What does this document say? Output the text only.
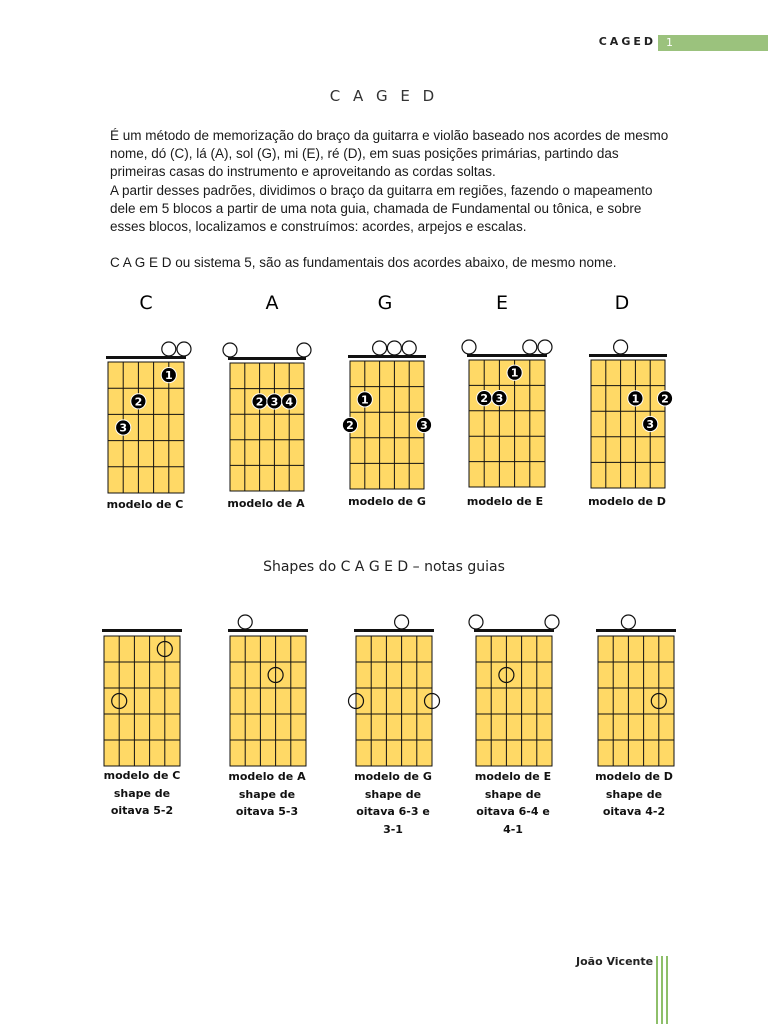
CAGED 1
C A G E D

É um método de memorização do braço da guitarra e violão baseado nos acordes de mesmo nome, dó (C), lá (A), sol (G), mi (E), ré (D), em suas posições primárias, partindo das primeiras casas do instrumento e aproveitando as cordas soltas.

A partir desses padrões, dividimos o braço da guitarra em regiões, fazendo o mapeamento dele em 5 blocos a partir de uma nota guia, chamada de Fundamental ou tônica, e sobre esses blocos, localizamos e construímos: acordes, arpejos e escalas.

C A G E D ou sistema 5, são as fundamentais dos acordes abaixo, de mesmo nome.

C	A	G	E	D
1
2
3
2 3 4	1
2	3
1
2 3	1 2
3
modelo de C	modelo de A	modelo de G	modelo de E	modelo de D
Shapes do C A G E D – notas guias
modelo de C
shape de
oitava 5-2
modelo de A
shape de
oitava 5-3
modelo de G
shape de
oitava 6-3 e
3-1
modelo de E
shape de
oitava 6-4 e
4-1
modelo de D
shape de
oitava 4-2
João Vicente
